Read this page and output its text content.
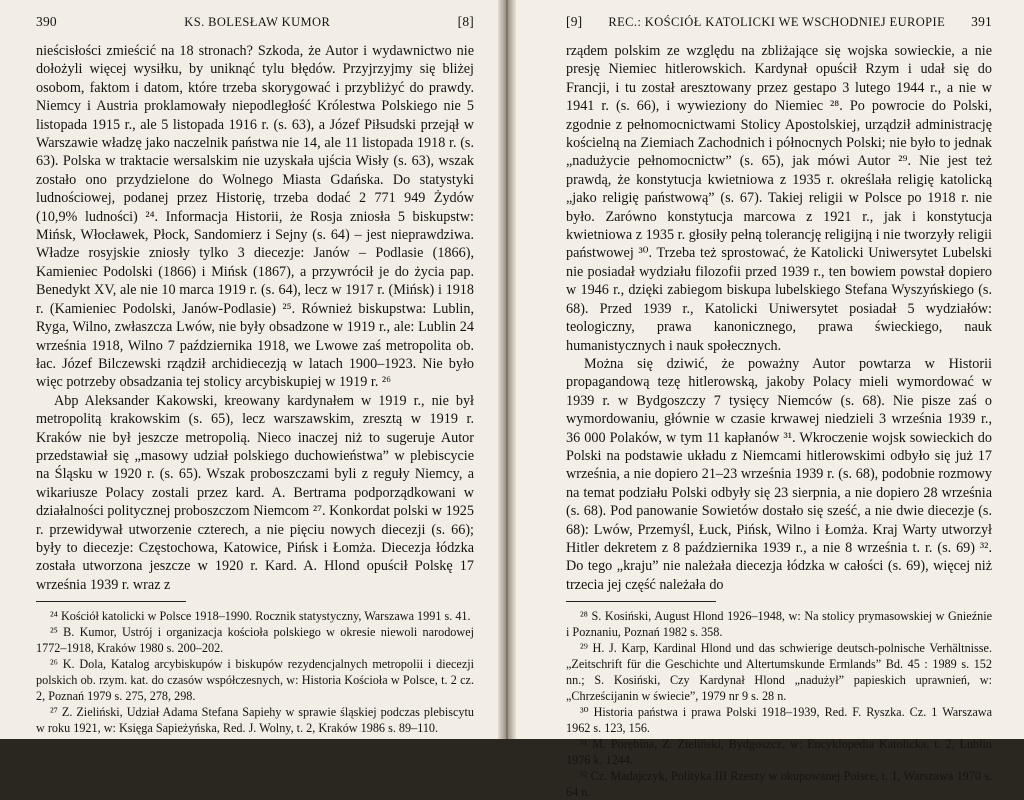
390	KS. BOLESŁAW KUMOR	[8]

nieścisłości zmieścić na 18 stronach? Szkoda, że Autor i wydawnictwo nie dołożyli więcej wysiłku, by uniknąć tylu błędów. Przyjrzyjmy się bliżej osobom, faktom i datom, które trzeba skorygować i przybliżyć do prawdy. Niemcy i Austria proklamowały niepodległość Królestwa Polskiego nie 5 listopada 1915 r., ale 5 listopada 1916 r. (s. 63), a Józef Piłsudski przejął w Warszawie władzę jako naczelnik państwa nie 14, ale 11 listopada 1918 r. (s. 63). Polska w traktacie wersalskim nie uzyskała ujścia Wisły (s. 63), wszak zostało ono przydzielone do Wolnego Miasta Gdańska. Do statystyki ludnościowej, podanej przez Historię, trzeba dodać 2 771 949 Żydów (10,9% ludności) ²⁴. Informacja Historii, że Rosja zniosła 5 biskupstw: Mińsk, Włocławek, Płock, Sandomierz i Sejny (s. 64) – jest nieprawdziwa. Władze rosyjskie zniosły tylko 3 diecezje: Janów – Podlasie (1866), Kamieniec Podolski (1866) i Mińsk (1867), a przywrócił je do życia pap. Benedykt XV, ale nie 10 marca 1919 r. (s. 64), lecz w 1917 r. (Mińsk) i 1918 r. (Kamieniec Podolski, Janów-Podlasie) ²⁵. Również biskupstwa: Lublin, Ryga, Wilno, zwłaszcza Lwów, nie były obsadzone w 1919 r., ale: Lublin 24 września 1918, Wilno 7 października 1918, we Lwowe zaś metropolita ob. łac. Józef Bilczewski rządził archidiecezją w latach 1900–1923. Nie było więc potrzeby obsadzania tej stolicy arcybiskupiej w 1919 r. ²⁶

Abp Aleksander Kakowski, kreowany kardynałem w 1919 r., nie był metropolitą krakowskim (s. 65), lecz warszawskim, zresztą w 1919 r. Kraków nie był jeszcze metropolią. Nieco inaczej niż to sugeruje Autor przedstawiał się „masowy udział polskiego duchowieństwa” w plebiscycie na Śląsku w 1920 r. (s. 65). Wszak proboszczami byli z reguły Niemcy, a wikariusze Polacy zostali przez kard. A. Bertrama podporządkowani w działalności politycznej proboszczom Niemcom ²⁷. Konkordat polski w 1925 r. przewidywał utworzenie czterech, a nie pięciu nowych diecezji (s. 66); były to diecezje: Częstochowa, Katowice, Pińsk i Łomża. Diecezja łódzka została utworzona jeszcze w 1920 r. Kard. A. Hlond opuścił Polskę 17 września 1939 r. wraz z

²⁴ Kościół katolicki w Polsce 1918–1990. Rocznik statystyczny, Warszawa 1991 s. 41.

²⁵ B. Kumor, Ustrój i organizacja kościoła polskiego w okresie niewoli narodowej 1772–1918, Kraków 1980 s. 200–202.

²⁶ K. Dola, Katalog arcybiskupów i biskupów rezydencjalnych metropolii i diecezji polskich ob. rzym. kat. do czasów współczesnych, w: Historia Kościoła w Polsce, t. 2 cz. 2, Poznań 1979 s. 275, 278, 298.

²⁷ Z. Zieliński, Udział Adama Stefana Sapiehy w sprawie śląskiej podczas plebiscytu w roku 1921, w: Księga Sapieżyńska, Red. J. Wolny, t. 2, Kraków 1986 s. 89–110.

[9] REC.: KOŚCIÓŁ KATOLICKI WE WSCHODNIEJ EUROPIE 391

rządem polskim ze względu na zbliżające się wojska sowieckie, a nie presję Niemiec hitlerowskich. Kardynał opuścił Rzym i udał się do Francji, i tu został aresztowany przez gestapo 3 lutego 1944 r., a nie w 1941 r. (s. 66), i wywieziony do Niemiec ²⁸. Po powrocie do Polski, zgodnie z pełnomocnictwami Stolicy Apostolskiej, urządził administrację kościelną na Ziemiach Zachodnich i północnych Polski; nie było to jednak „nadużycie pełnomocnictw” (s. 65), jak mówi Autor ²⁹. Nie jest też prawdą, że konstytucja kwietniowa z 1935 r. określała religię katolicką „jako religię państwową” (s. 67). Takiej religii w Polsce po 1918 r. nie było. Zarówno konstytucja marcowa z 1921 r., jak i konstytucja kwietniowa z 1935 r. głosiły pełną tolerancję religijną i nie tworzyły religii państwowej ³⁰. Trzeba też sprostować, że Katolicki Uniwersytet Lubelski nie posiadał wydziału filozofii przed 1939 r., ten bowiem powstał dopiero w 1946 r., dzięki zabiegom biskupa lubelskiego Stefana Wyszyńskiego (s. 68). Przed 1939 r., Katolicki Uniwersytet posiadał 5 wydziałów: teologiczny, prawa kanonicznego, prawa świeckiego, nauk humanistycznych i nauk społecznych.

Można się dziwić, że poważny Autor powtarza w Historii propagandową tezę hitlerowską, jakoby Polacy mieli wymordować w 1939 r. w Bydgoszczy 7 tysięcy Niemców (s. 68). Nie pisze zaś o wymordowaniu, głównie w czasie krwawej niedzieli 3 września 1939 r., 36 000 Polaków, w tym 11 kapłanów ³¹. Wkroczenie wojsk sowieckich do Polski na podstawie układu z Niemcami hitlerowskimi odbyło się już 17 września, a nie dopiero 21–23 września 1939 r. (s. 68), podobnie rozmowy na temat podziału Polski odbyły się 23 sierpnia, a nie dopiero 28 września (s. 68). Pod panowanie Sowietów dostało się sześć, a nie dwie diecezje (s. 68): Lwów, Przemyśl, Łuck, Pińsk, Wilno i Łomża. Kraj Warty utworzył Hitler dekretem z 8 października 1939 r., a nie 8 września t. r. (s. 69) ³². Do tego „kraju” nie należała diecezja łódzka w całości (s. 69), więcej niż trzecia jej część należała do

²⁸ S. Kosiński, August Hlond 1926–1948, w: Na stolicy prymasowskiej w Gnieźnie i Poznaniu, Poznań 1982 s. 358.

²⁹ H. J. Karp, Kardinal Hlond und das schwierige deutsch-polnische Verhältnisse. „Zeitschrift für die Geschichte und Altertumskunde Ermlands” Bd. 45 : 1989 s. 152 nn.; S. Kosiński, Czy Kardynał Hlond „nadużył” papieskich uprawnień, w: „Chrześcijanin w świecie”, 1979 nr 9 s. 28 n.

³⁰ Historia państwa i prawa Polski 1918–1939, Red. F. Ryszka. Cz. 1 Warszawa 1962 s. 123, 156.

³¹ M. Porębina, Z. Zieliński, Bydgoszcz, w: Encyklopedia Katolicka, t. 2, Lublin 1976 k. 1244.

³² Cz. Madajczyk, Polityka III Rzeszy w okupowanej Polsce, t. 1, Warszawa 1970 s. 64 n.
